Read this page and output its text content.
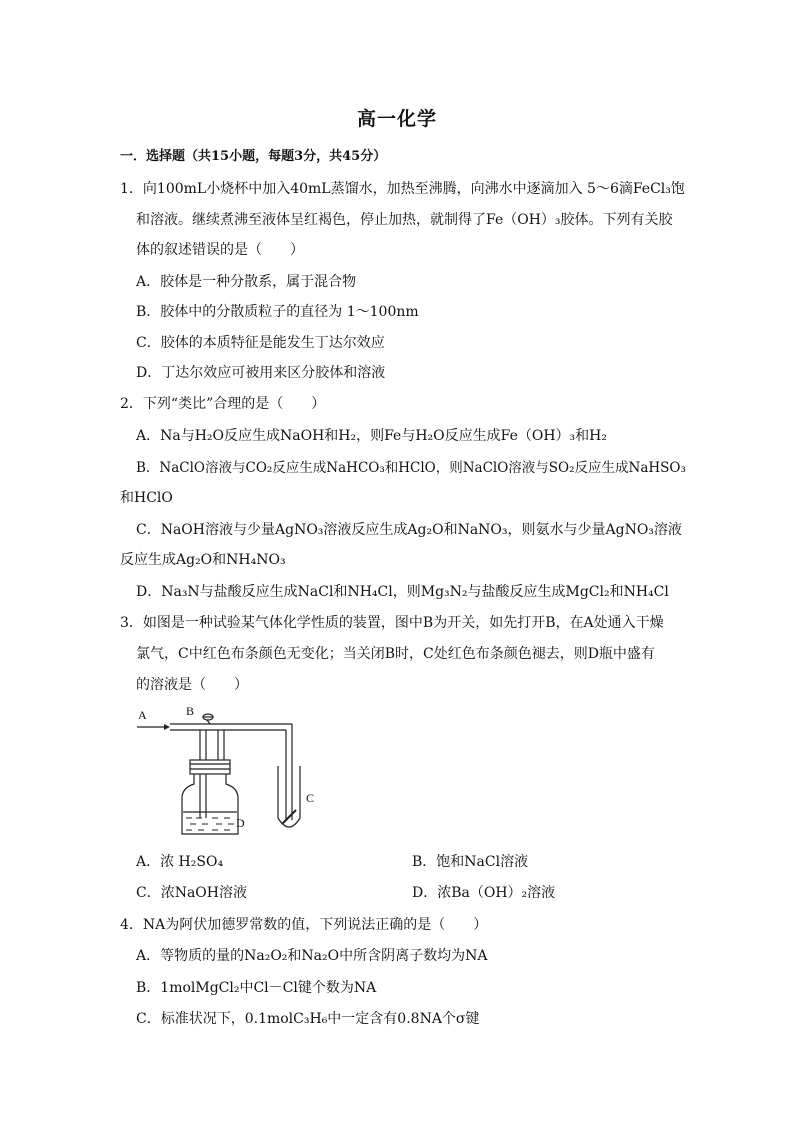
高一化学
一．选择题（共15小题，每题3分，共45分）
1．向100mL小烧杯中加入40mL蒸馏水，加热至沸腾，向沸水中逐滴加入 5～6滴FeCl₃饱
和溶液。继续煮沸至液体呈红褐色，停止加热，就制得了Fe（OH）₃胶体。下列有关胶
体的叙述错误的是（　　）
A．胶体是一种分散系，属于混合物
B．胶体中的分散质粒子的直径为 1～100nm
C．胶体的本质特征是能发生丁达尔效应
D．丁达尔效应可被用来区分胶体和溶液
2．下列“类比”合理的是（　　）
A．Na与H₂O反应生成NaOH和H₂，则Fe与H₂O反应生成Fe（OH）₃和H₂
B．NaClO溶液与CO₂反应生成NaHCO₃和HClO，则NaClO溶液与SO₂反应生成NaHSO₃
和HClO
C．NaOH溶液与少量AgNO₃溶液反应生成Ag₂O和NaNO₃，则氨水与少量AgNO₃溶液
反应生成Ag₂O和NH₄NO₃
D．Na₃N与盐酸反应生成NaCl和NH₄Cl，则Mg₃N₂与盐酸反应生成MgCl₂和NH₄Cl
3．如图是一种试验某气体化学性质的装置，图中B为开关，如先打开B，在A处通入干燥
氯气，C中红色布条颜色无变化；当关闭B时，C处红色布条颜色褪去，则D瓶中盛有
的溶液是（　　）
A	B
C
D
A．浓 H₂SO₄	B．饱和NaCl溶液
C．浓NaOH溶液	D．浓Ba（OH）₂溶液
4．NA为阿伏加德罗常数的值，下列说法正确的是（　　）
A．等物质的量的Na₂O₂和Na₂O中所含阴离子数均为NA
B．1molMgCl₂中Cl－Cl键个数为NA
C．标准状况下，0.1molC₃H₆中一定含有0.8NA个σ键
